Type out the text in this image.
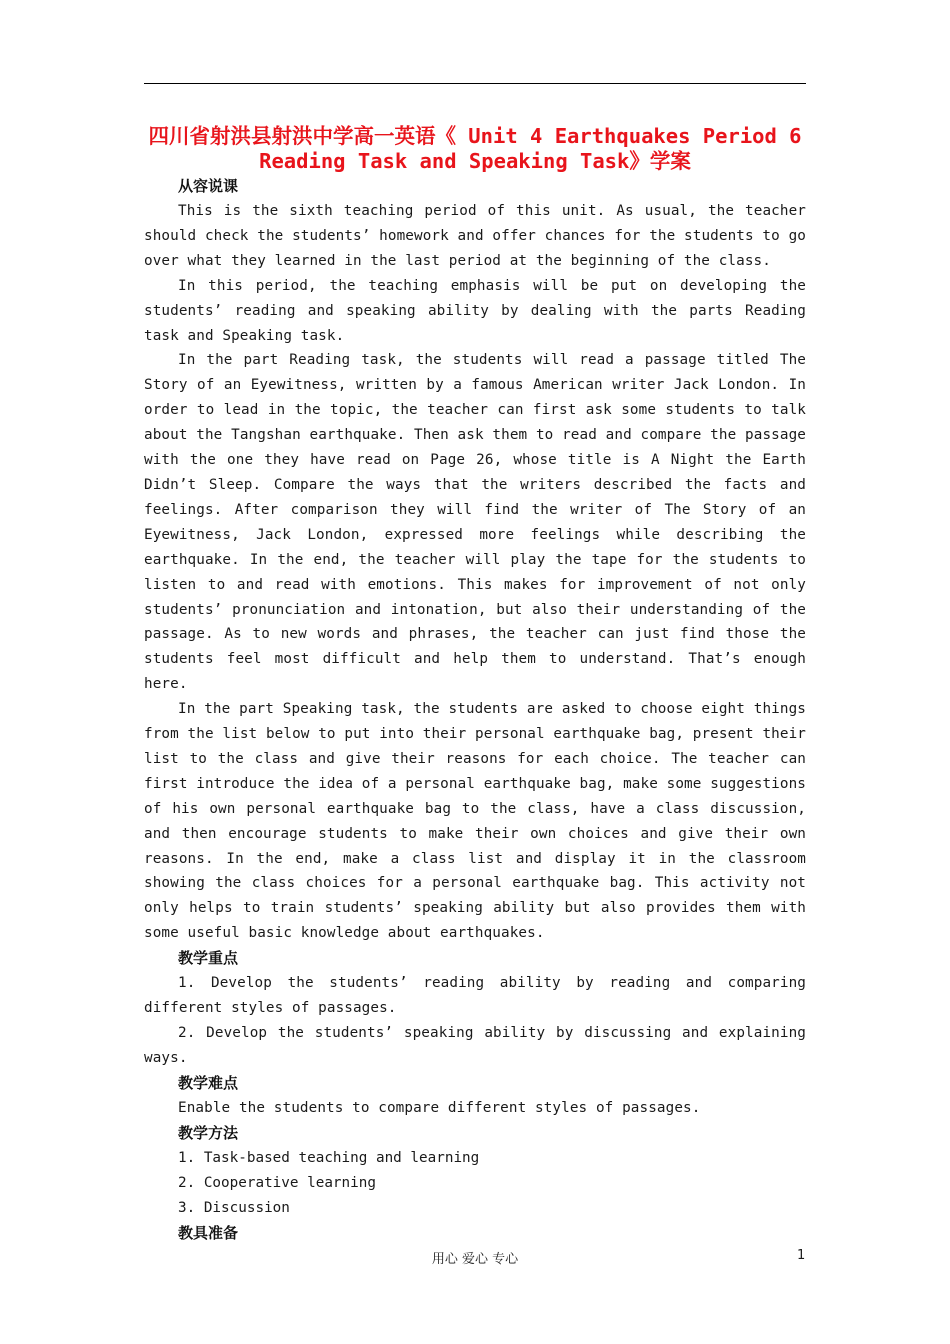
四川省射洪县射洪中学高一英语《 Unit 4 Earthquakes Period 6 Reading Task and Speaking Task》学案
从容说课

This is the sixth teaching period of this unit. As usual, the teacher should check the students’ homework and offer chances for the students to go over what they learned in the last period at the beginning of the class.

In this period, the teaching emphasis will be put on developing the students’ reading and speaking ability by dealing with the parts Reading task and Speaking task.

In the part Reading task, the students will read a passage titled The Story of an Eyewitness, written by a famous American writer Jack London. In order to lead in the topic, the teacher can first ask some students to talk about the Tangshan earthquake. Then ask them to read and compare the passage with the one they have read on Page 26, whose title is A Night the Earth Didn’t Sleep. Compare the ways that the writers described the facts and feelings. After comparison they will find the writer of The Story of an Eyewitness, Jack London, expressed more feelings while describing the earthquake. In the end, the teacher will play the tape for the students to listen to and read with emotions. This makes for improvement of not only students’ pronunciation and intonation, but also their understanding of the passage. As to new words and phrases, the teacher can just find those the students feel most difficult and help them to understand. That’s enough here.

In the part Speaking task, the students are asked to choose eight things from the list below to put into their personal earthquake bag, present their list to the class and give their reasons for each choice. The teacher can first introduce the idea of a personal earthquake bag, make some suggestions of his own personal earthquake bag to the class, have a class discussion, and then encourage students to make their own choices and give their own reasons. In the end, make a class list and display it in the classroom showing the class choices for a personal earthquake bag. This activity not only helps to train students’ speaking ability but also provides them with some useful basic knowledge about earthquakes.

教学重点

1. Develop the students’ reading ability by reading and comparing different styles of passages.

2. Develop the students’ speaking ability by discussing and explaining ways.

教学难点

Enable the students to compare different styles of passages.

教学方法

1. Task-based teaching and learning

2. Cooperative learning

3. Discussion

教具准备
用心 爱心 专心	1
